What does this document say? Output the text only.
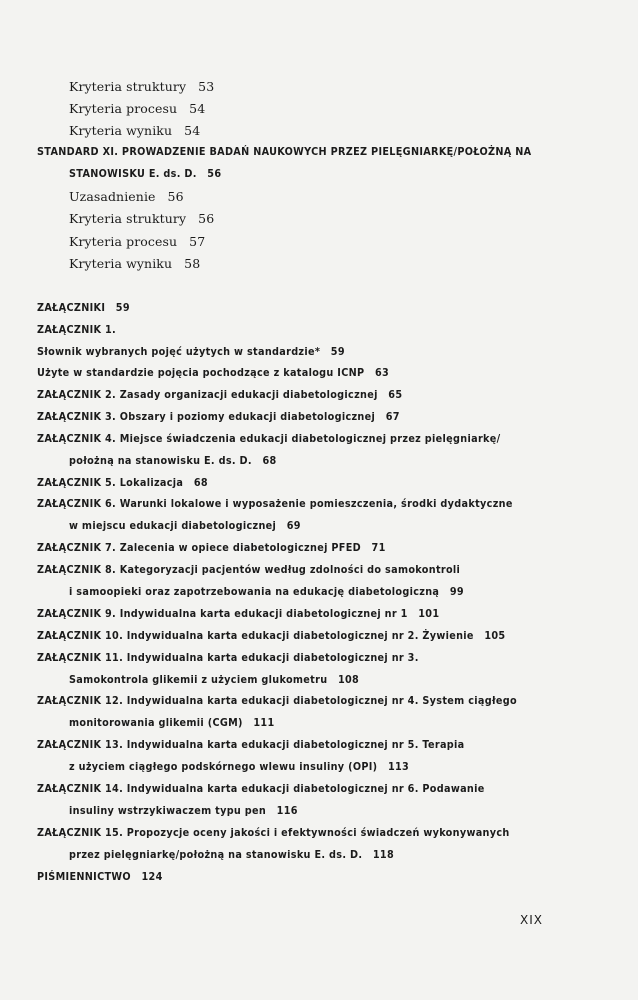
Kryteria struktury 53
Kryteria procesu 54
Kryteria wyniku 54
STANDARD XI. PROWADZENIE BADAŃ NAUKOWYCH PRZEZ PIELĘGNIARKĘ/POŁOŻNĄ NA
STANOWISKU E. ds. D. 56
Uzasadnienie 56
Kryteria struktury 56
Kryteria procesu 57
Kryteria wyniku 58
ZAŁĄCZNIKI 59
ZAŁĄCZNIK 1.
Słownik wybranych pojęć użytych w standardzie* 59
Użyte w standardzie pojęcia pochodzące z katalogu ICNP 63
ZAŁĄCZNIK 2. Zasady organizacji edukacji diabetologicznej 65
ZAŁĄCZNIK 3. Obszary i poziomy edukacji diabetologicznej 67
ZAŁĄCZNIK 4. Miejsce świadczenia edukacji diabetologicznej przez pielęgniarkę/
położną na stanowisku E. ds. D. 68
ZAŁĄCZNIK 5. Lokalizacja 68
ZAŁĄCZNIK 6. Warunki lokalowe i wyposażenie pomieszczenia, środki dydaktyczne
w miejscu edukacji diabetologicznej 69
ZAŁĄCZNIK 7. Zalecenia w opiece diabetologicznej PFED 71
ZAŁĄCZNIK 8. Kategoryzacji pacjentów według zdolności do samokontroli
i samoopieki oraz zapotrzebowania na edukację diabetologiczną 99
ZAŁĄCZNIK 9. Indywidualna karta edukacji diabetologicznej nr 1 101
ZAŁĄCZNIK 10. Indywidualna karta edukacji diabetologicznej nr 2. Żywienie 105
ZAŁĄCZNIK 11. Indywidualna karta edukacji diabetologicznej nr 3.
Samokontrola glikemii z użyciem glukometru 108
ZAŁĄCZNIK 12. Indywidualna karta edukacji diabetologicznej nr 4. System ciągłego
monitorowania glikemii (CGM) 111
ZAŁĄCZNIK 13. Indywidualna karta edukacji diabetologicznej nr 5. Terapia
z użyciem ciągłego podskórnego wlewu insuliny (OPI) 113
ZAŁĄCZNIK 14. Indywidualna karta edukacji diabetologicznej nr 6. Podawanie
insuliny wstrzykiwaczem typu pen 116
ZAŁĄCZNIK 15. Propozycje oceny jakości i efektywności świadczeń wykonywanych
przez pielęgniarkę/położną na stanowisku E. ds. D. 118
PIŚMIENNICTWO 124
XIX
